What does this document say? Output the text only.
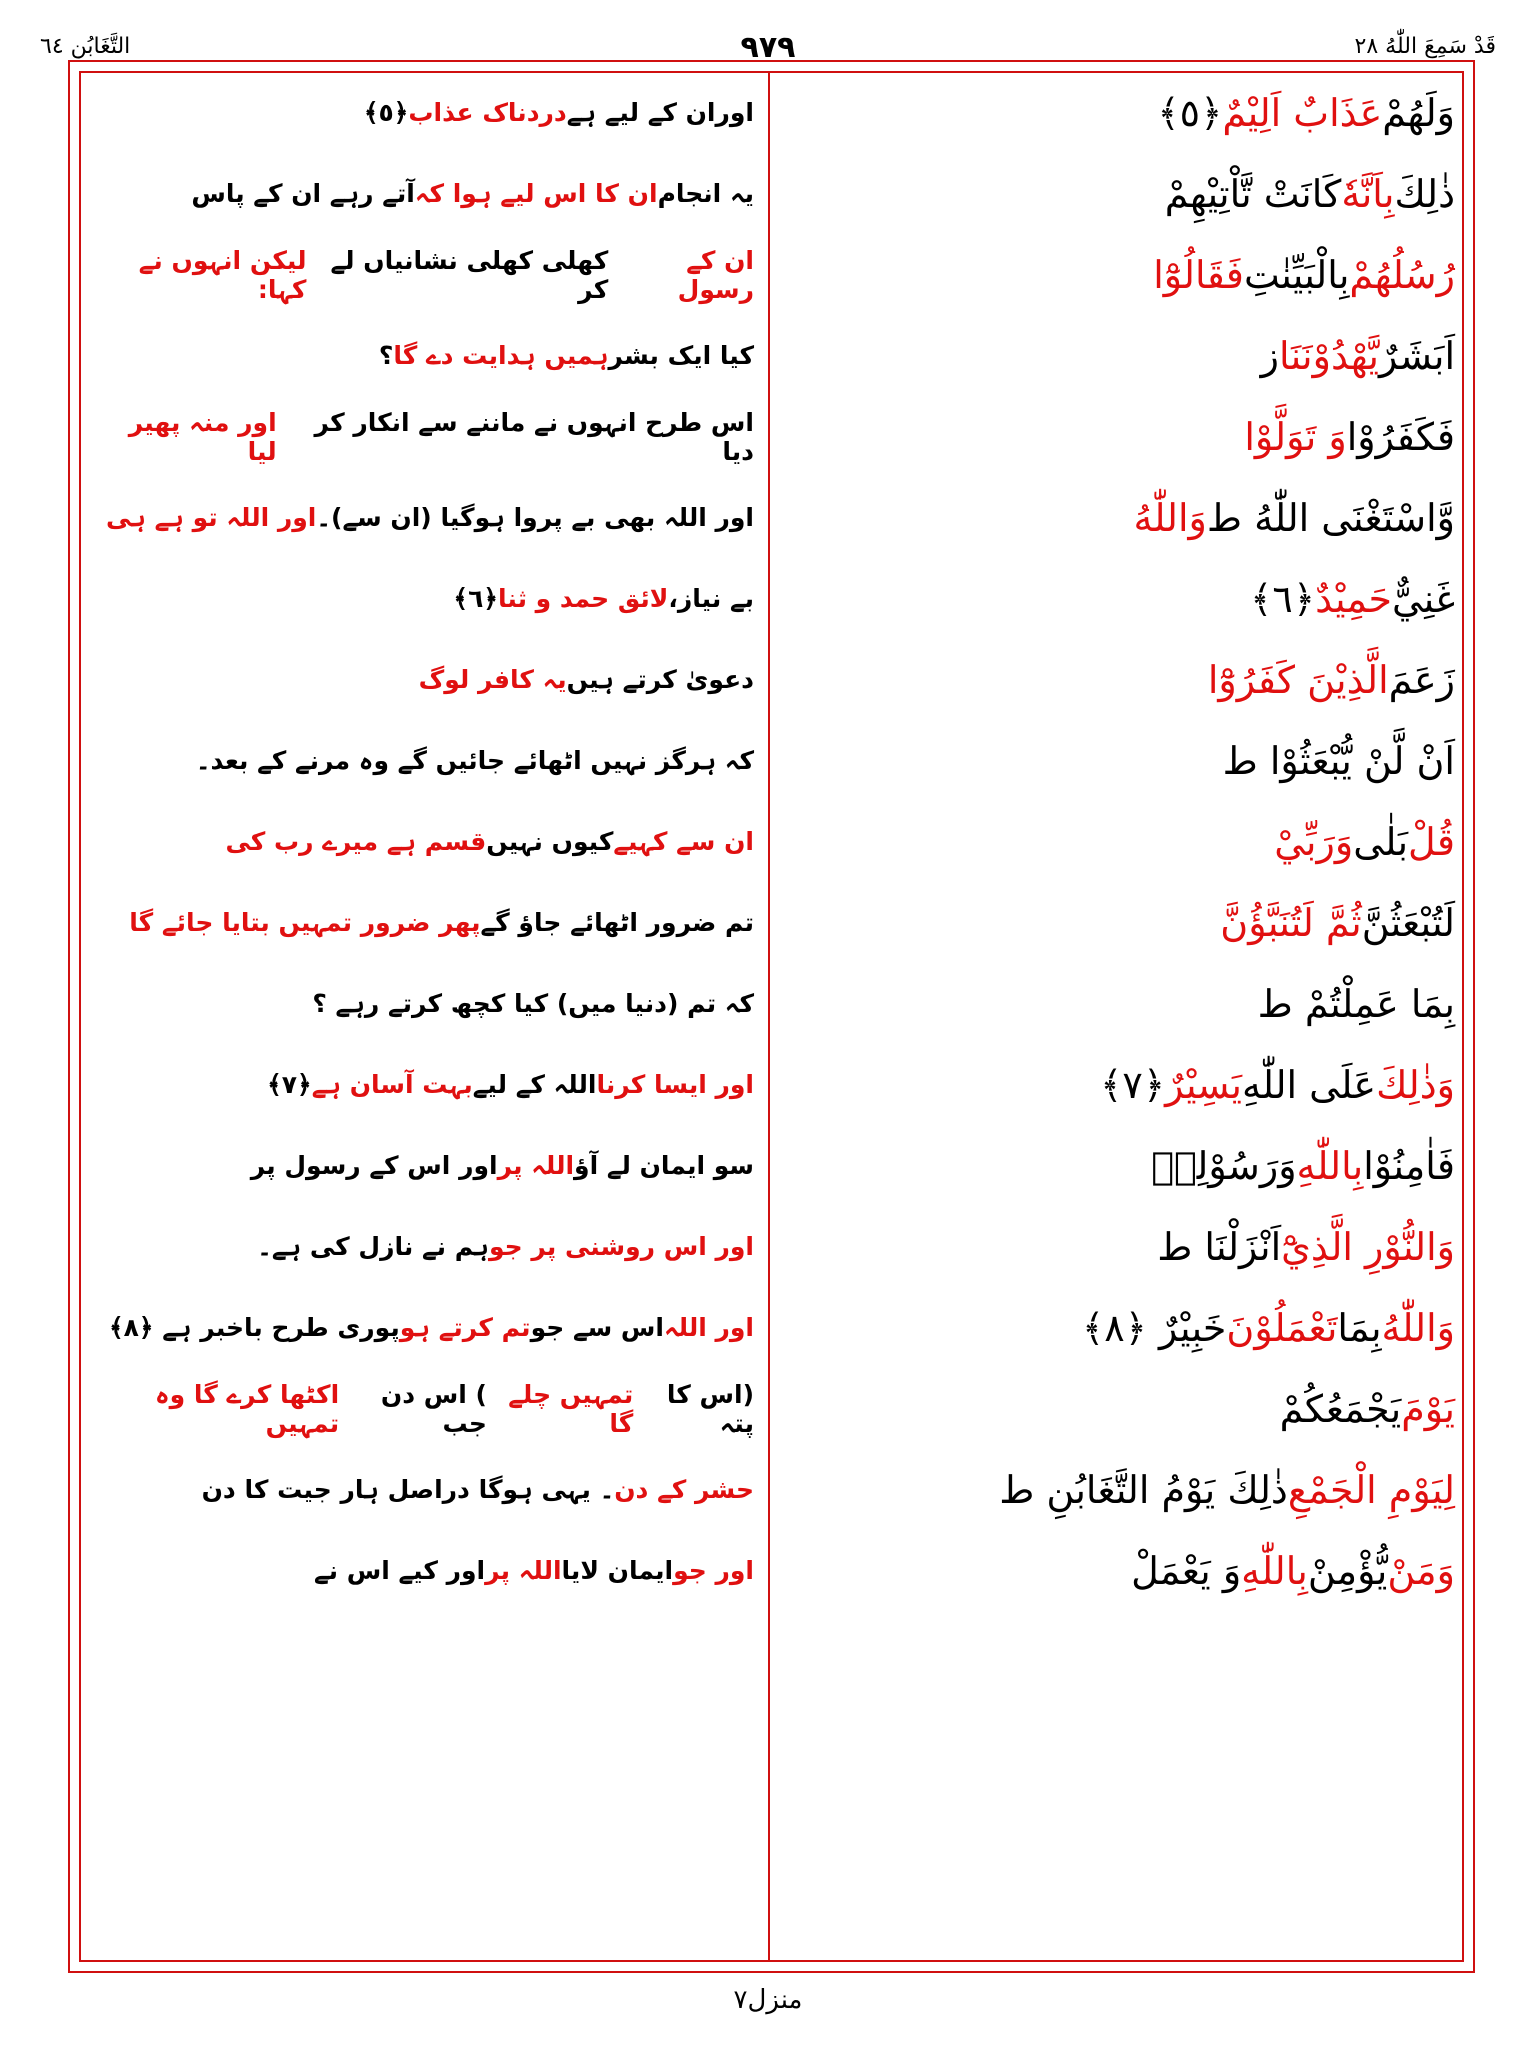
التَّغَابُن ٦٤	٩٧٩	قَدْ سَمِعَ اللّٰهُ ٢٨
وَلَهُمْ
عَذَابٌ اَلِيْمٌ
﴿٥﴾
ذٰلِكَ
بِاَنَّهٗ
كَانَتْ تَّاْتِيْهِمْ
رُسُلُهُمْ
بِالْبَيِّنٰتِ
فَقَالُوْٓا
اَبَشَرٌ
يَّهْدُوْنَنَا
ز
فَكَفَرُوْا
وَ تَوَلَّوْا
وَّاسْتَغْنَى اللّٰهُ ط
وَاللّٰهُ
غَنِيٌّ
حَمِيْدٌ
﴿٦﴾
زَعَمَ
الَّذِيْنَ كَفَرُوْٓا
اَنْ لَّنْ يُّبْعَثُوْا ط
قُلْ
بَلٰى
وَرَبِّيْ
لَتُبْعَثُنَّ
ثُمَّ لَتُنَبَّؤُنَّ
بِمَا عَمِلْتُمْ ط
وَذٰلِكَ
عَلَى اللّٰهِ
يَسِيْرٌ
﴿٧﴾
فَاٰمِنُوْا
بِاللّٰهِ
وَرَسُوْلِهٖ
وَالنُّوْرِ الَّذِيْٓ
اَنْزَلْنَا ط
وَاللّٰهُ
بِمَا
تَعْمَلُوْنَ
خَبِيْرٌ ﴿٨﴾
يَوْمَ
يَجْمَعُكُمْ
لِيَوْمِ الْجَمْعِ
ذٰلِكَ يَوْمُ التَّغَابُنِ ط
وَمَنْ
يُّؤْمِنْ
بِاللّٰهِ
وَ يَعْمَلْ
اوران کے لیے ہے
دردناک عذاب
﴿٥﴾
یہ انجام
ان کا اس لیے ہوا کہ
آتے رہے ان کے پاس
ان کے رسول
کھلی کھلی نشانیاں لے کر
لیکن انہوں نے کہا:
کیا ایک بشر
ہمیں ہدایت دے گا
؟
اس طرح انہوں نے ماننے سے انکار کر دیا
اور منہ پھیر لیا
اور اللہ بھی بے پروا ہوگیا (ان سے)۔
اور اللہ تو ہے ہی
بے نیاز،
لائق حمد و ثنا
﴿٦﴾
دعویٰ کرتے ہیں
یہ کافر لوگ
کہ ہرگز نہیں اٹھائے جائیں گے وہ مرنے کے بعد۔
ان سے کہیے
کیوں نہیں
قسم ہے میرے رب کی
تم ضرور اٹھائے جاؤ گے
پھر ضرور تمہیں بتایا جائے گا
کہ تم (دنیا میں) کیا کچھ کرتے رہے ؟
اور ایسا کرنا
اللہ کے لیے
بہت آسان ہے
﴿٧﴾
سو ایمان لے آؤ
اللہ پر
اور اس کے رسول پر
اور اس روشنی پر جو
ہم نے نازل کی ہے۔
اور اللہ
اس سے جو
تم کرتے ہو
پوری طرح باخبر ہے ﴿٨﴾
(اس کا پتہ
تمہیں چلے گا
) اس دن جب
اکٹھا کرے گا وہ تمہیں
حشر کے دن
۔ یہی ہوگا دراصل ہار جیت کا دن
اور جو
ایمان لایا
اللہ پر
اور کیے اس نے
منزل٧
